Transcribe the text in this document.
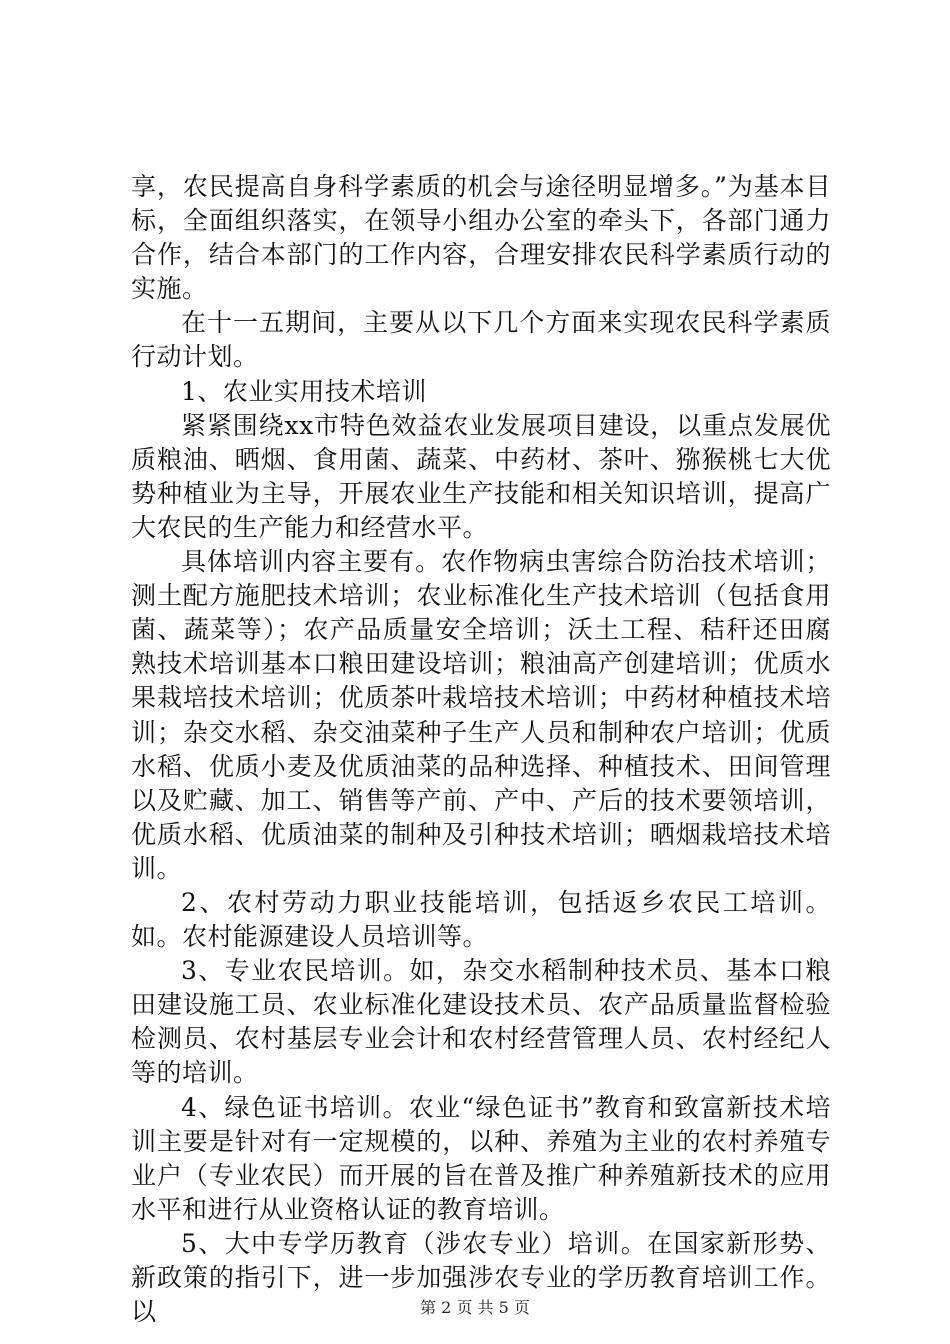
享，农民提高自身科学素质的机会与途径明显增多。”为基本目标，全面组织落实，在领导小组办公室的牵头下，各部门通力合作，结合本部门的工作内容，合理安排农民科学素质行动的实施。

在十一五期间，主要从以下几个方面来实现农民科学素质行动计划。

1、农业实用技术培训

紧紧围绕xx市特色效益农业发展项目建设，以重点发展优质粮油、晒烟、食用菌、蔬菜、中药材、茶叶、猕猴桃七大优势种植业为主导，开展农业生产技能和相关知识培训，提高广大农民的生产能力和经营水平。

具体培训内容主要有。农作物病虫害综合防治技术培训；测土配方施肥技术培训；农业标准化生产技术培训（包括食用菌、蔬菜等）；农产品质量安全培训；沃土工程、秸秆还田腐熟技术培训基本口粮田建设培训；粮油高产创建培训；优质水果栽培技术培训；优质茶叶栽培技术培训；中药材种植技术培训；杂交水稻、杂交油菜种子生产人员和制种农户培训；优质水稻、优质小麦及优质油菜的品种选择、种植技术、田间管理以及贮藏、加工、销售等产前、产中、产后的技术要领培训，优质水稻、优质油菜的制种及引种技术培训；晒烟栽培技术培训。

2、农村劳动力职业技能培训，包括返乡农民工培训。如。农村能源建设人员培训等。

3、专业农民培训。如，杂交水稻制种技术员、基本口粮田建设施工员、农业标准化建设技术员、农产品质量监督检验检测员、农村基层专业会计和农村经营管理人员、农村经纪人等的培训。

4、绿色证书培训。农业“绿色证书”教育和致富新技术培训主要是针对有一定规模的，以种、养殖为主业的农村养殖专业户（专业农民）而开展的旨在普及推广种养殖新技术的应用水平和进行从业资格认证的教育培训。

5、大中专学历教育（涉农专业）培训。在国家新形势、新政策的指引下，进一步加强涉农专业的学历教育培训工作。以	第 2 页 共 5 页
